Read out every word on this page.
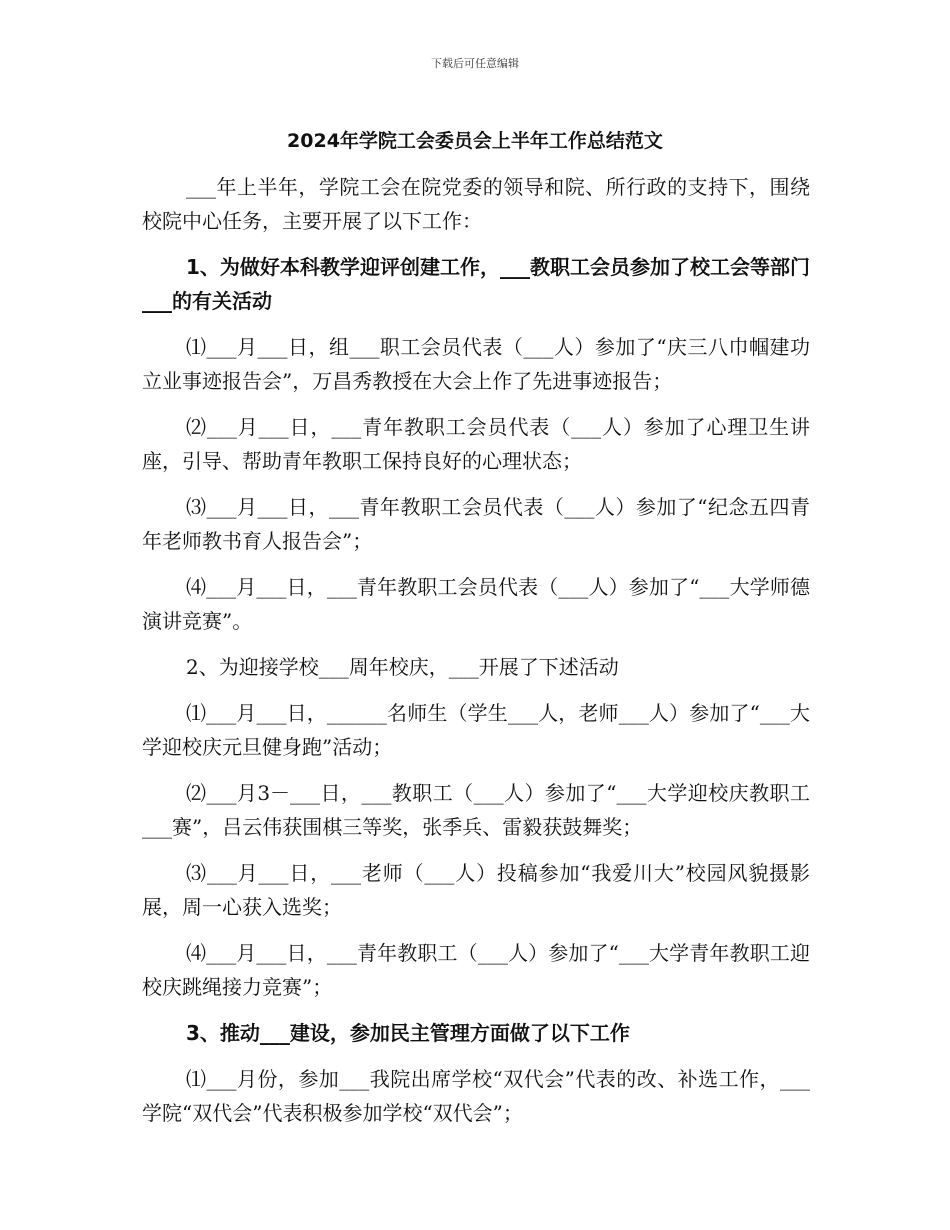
下载后可任意编辑
2024年学院工会委员会上半年工作总结范文

___年上半年，学院工会在院党委的领导和院、所行政的支持下，围绕校院中心任务，主要开展了以下工作：

1、为做好本科教学迎评创建工作，___教职工会员参加了校工会等部门___的有关活动

⑴___月___日，组___职工会员代表（___人）参加了“庆三八巾帼建功立业事迹报告会”，万昌秀教授在大会上作了先进事迹报告；

⑵___月___日，___青年教职工会员代表（___人）参加了心理卫生讲座，引导、帮助青年教职工保持良好的心理状态；

⑶___月___日，___青年教职工会员代表（___人）参加了“纪念五四青年老师教书育人报告会”；

⑷___月___日，___青年教职工会员代表（___人）参加了“___大学师德演讲竞赛”。

2、为迎接学校___周年校庆，___开展了下述活动

⑴___月___日，______名师生（学生___人，老师___人）参加了“___大学迎校庆元旦健身跑”活动；

⑵___月3－___日，___教职工（___人）参加了“___大学迎校庆教职工___赛”，吕云伟获围棋三等奖，张季兵、雷毅获鼓舞奖；

⑶___月___日，___老师（___人）投稿参加“我爱川大”校园风貌摄影展，周一心获入选奖；

⑷___月___日，___青年教职工（___人）参加了“___大学青年教职工迎校庆跳绳接力竞赛”；

3、推动___建设，参加民主管理方面做了以下工作

⑴___月份，参加___我院出席学校“双代会”代表的改、补选工作，___学院“双代会”代表积极参加学校“双代会”；
